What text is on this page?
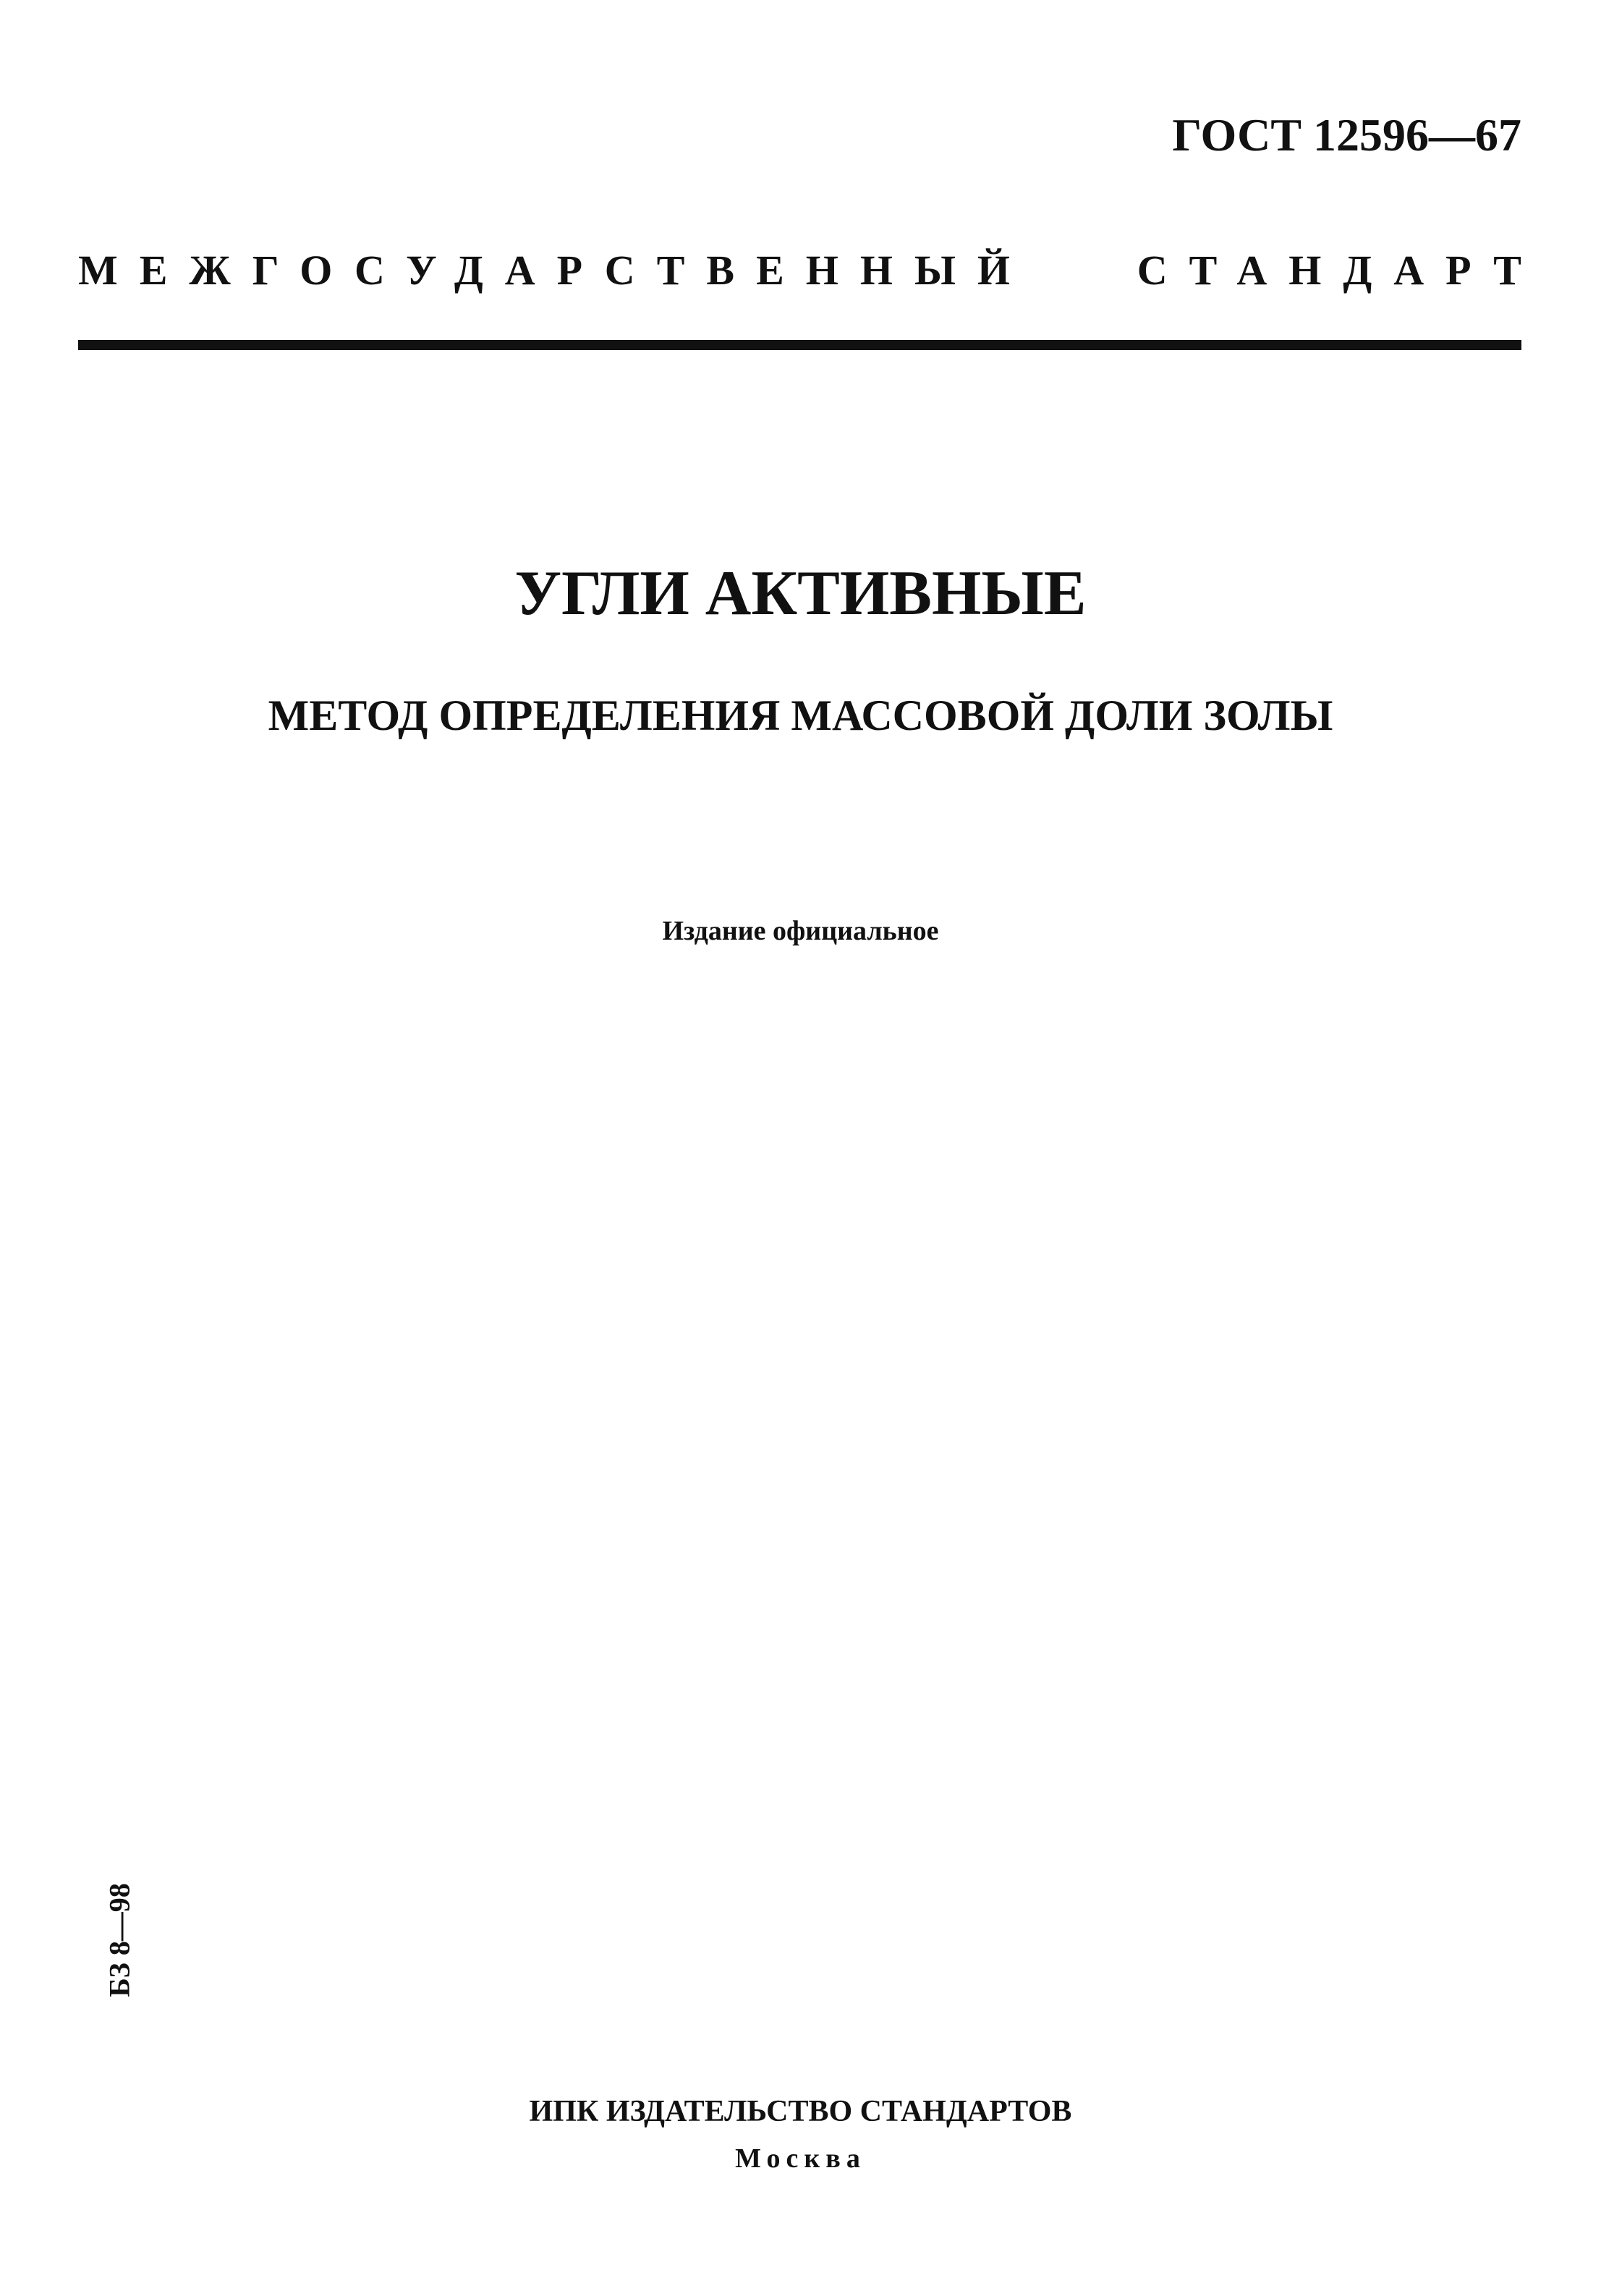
ГОСТ 12596—67
МЕЖГОСУДАРСТВЕННЫЙ	СТАНДАРТ
УГЛИ АКТИВНЫЕ
МЕТОД ОПРЕДЕЛЕНИЯ МАССОВОЙ ДОЛИ ЗОЛЫ
Издание официальное
БЗ 8—98
ИПК ИЗДАТЕЛЬСТВО СТАНДАРТОВ
Москва
